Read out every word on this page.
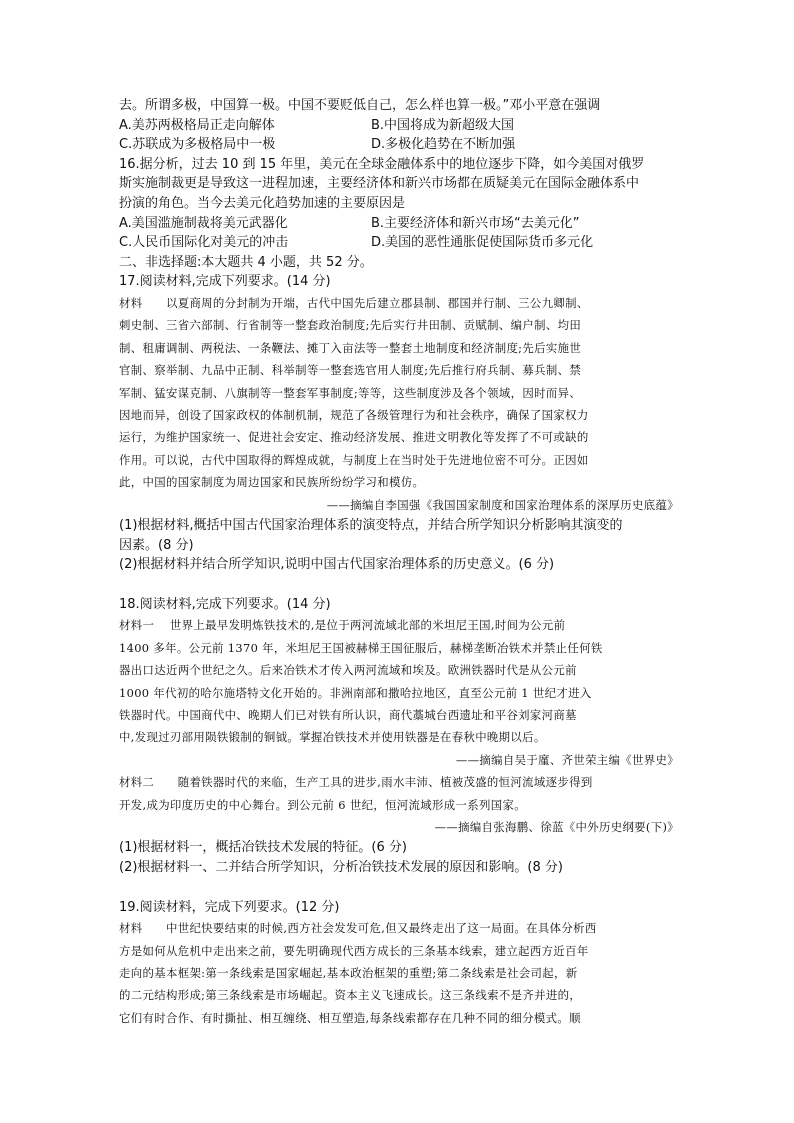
去。所谓多极，中国算一极。中国不要贬低自己，怎么样也算一极。”邓小平意在强调
A.美苏两极格局正走向解体	B.中国将成为新超级大国
C.苏联成为多极格局中一极	D.多极化趋势在不断加强
16.据分析，过去 10 到 15 年里，美元在全球金融体系中的地位逐步下降，如今美国对俄罗
斯实施制裁更是导致这一进程加速，主要经济体和新兴市场都在质疑美元在国际金融体系中
扮演的角色。当今去美元化趋势加速的主要原因是
A.美国滥施制裁将美元武器化	B.主要经济体和新兴市场“去美元化”
C.人民币国际化对美元的冲击	D.美国的恶性通胀促使国际货币多元化
二、非选择题:本大题共 4 小题，共 52 分。
17.阅读材料,完成下列要求。(14 分)
材料　　以夏商周的分封制为开端，古代中国先后建立郡县制、郡国并行制、三公九卿制、
刺史制、三省六部制、行省制等一整套政治制度;先后实行井田制、贡赋制、编户制、均田
制、租庸调制、两税法、一条鞭法、摊丁入亩法等一整套土地制度和经济制度;先后实施世
官制、察举制、九品中正制、科举制等一整套选官用人制度;先后推行府兵制、募兵制、禁
军制、猛安谋克制、八旗制等一整套军事制度;等等，这些制度涉及各个领域，因时而异、
因地而异，创设了国家政权的体制机制，规范了各级管理行为和社会秩序，确保了国家权力
运行，为维护国家统一、促进社会安定、推动经济发展、推进文明教化等发挥了不可或缺的
作用。可以说，古代中国取得的辉煌成就，与制度上在当时处于先进地位密不可分。正因如
此，中国的国家制度为周边国家和民族所纷纷学习和模仿。
——摘编自李国强《我国国家制度和国家治理体系的深厚历史底蕴》
(1)根据材料,概括中国古代国家治理体系的演变特点，并结合所学知识分析影响其演变的
因素。(8 分)
(2)根据材料并结合所学知识,说明中国古代国家治理体系的历史意义。(6 分)
18.阅读材料,完成下列要求。(14 分)
材料一　 世界上最早发明炼铁技术的,是位于两河流域北部的米坦尼王国,时间为公元前
1400 多年。公元前 1370 年，米坦尼王国被赫梯王国征服后，赫梯垄断冶铁术并禁止任何铁
器出口达近两个世纪之久。后来冶铁术才传入两河流域和埃及。欧洲铁器时代是从公元前
1000 年代初的哈尔施塔特文化开始的。非洲南部和撒哈拉地区，直至公元前 1 世纪才进入
铁器时代。中国商代中、晚期人们已对铁有所认识，商代藁城台西遗址和平谷刘家河商墓
中,发现过刃部用陨铁锻制的铜钺。掌握冶铁技术并使用铁器是在春秋中晚期以后。
——摘编自吴于廑、齐世荣主编《世界史》
材料二　　随着铁器时代的来临，生产工具的进步,雨水丰沛、植被茂盛的恒河流域逐步得到
开发,成为印度历史的中心舞台。到公元前 6 世纪，恒河流域形成一系列国家。
——摘编自张海鹏、徐蓝《中外历史纲要(下)》
(1)根据材料一，概括冶铁技术发展的特征。(6 分)
(2)根据材料一、二并结合所学知识，分析冶铁技术发展的原因和影响。(8 分)
19.阅读材料，完成下列要求。(12 分)
材料　　中世纪快要结束的时候,西方社会发发可危,但又最终走出了这一局面。在具体分析西
方是如何从危机中走出来之前，要先明确现代西方成长的三条基本线索，建立起西方近百年
走向的基本框架:第一条线索是国家崛起,基本政治框架的重塑;第二条线索是社会司起，新
的二元结构形成;第三条线索是市场崛起。资本主义飞速成长。这三条线索不是齐并进的，
它们有时合作、有时撕扯、相互缠绕、相互塑造,每条线索都存在几种不同的细分模式。顺
